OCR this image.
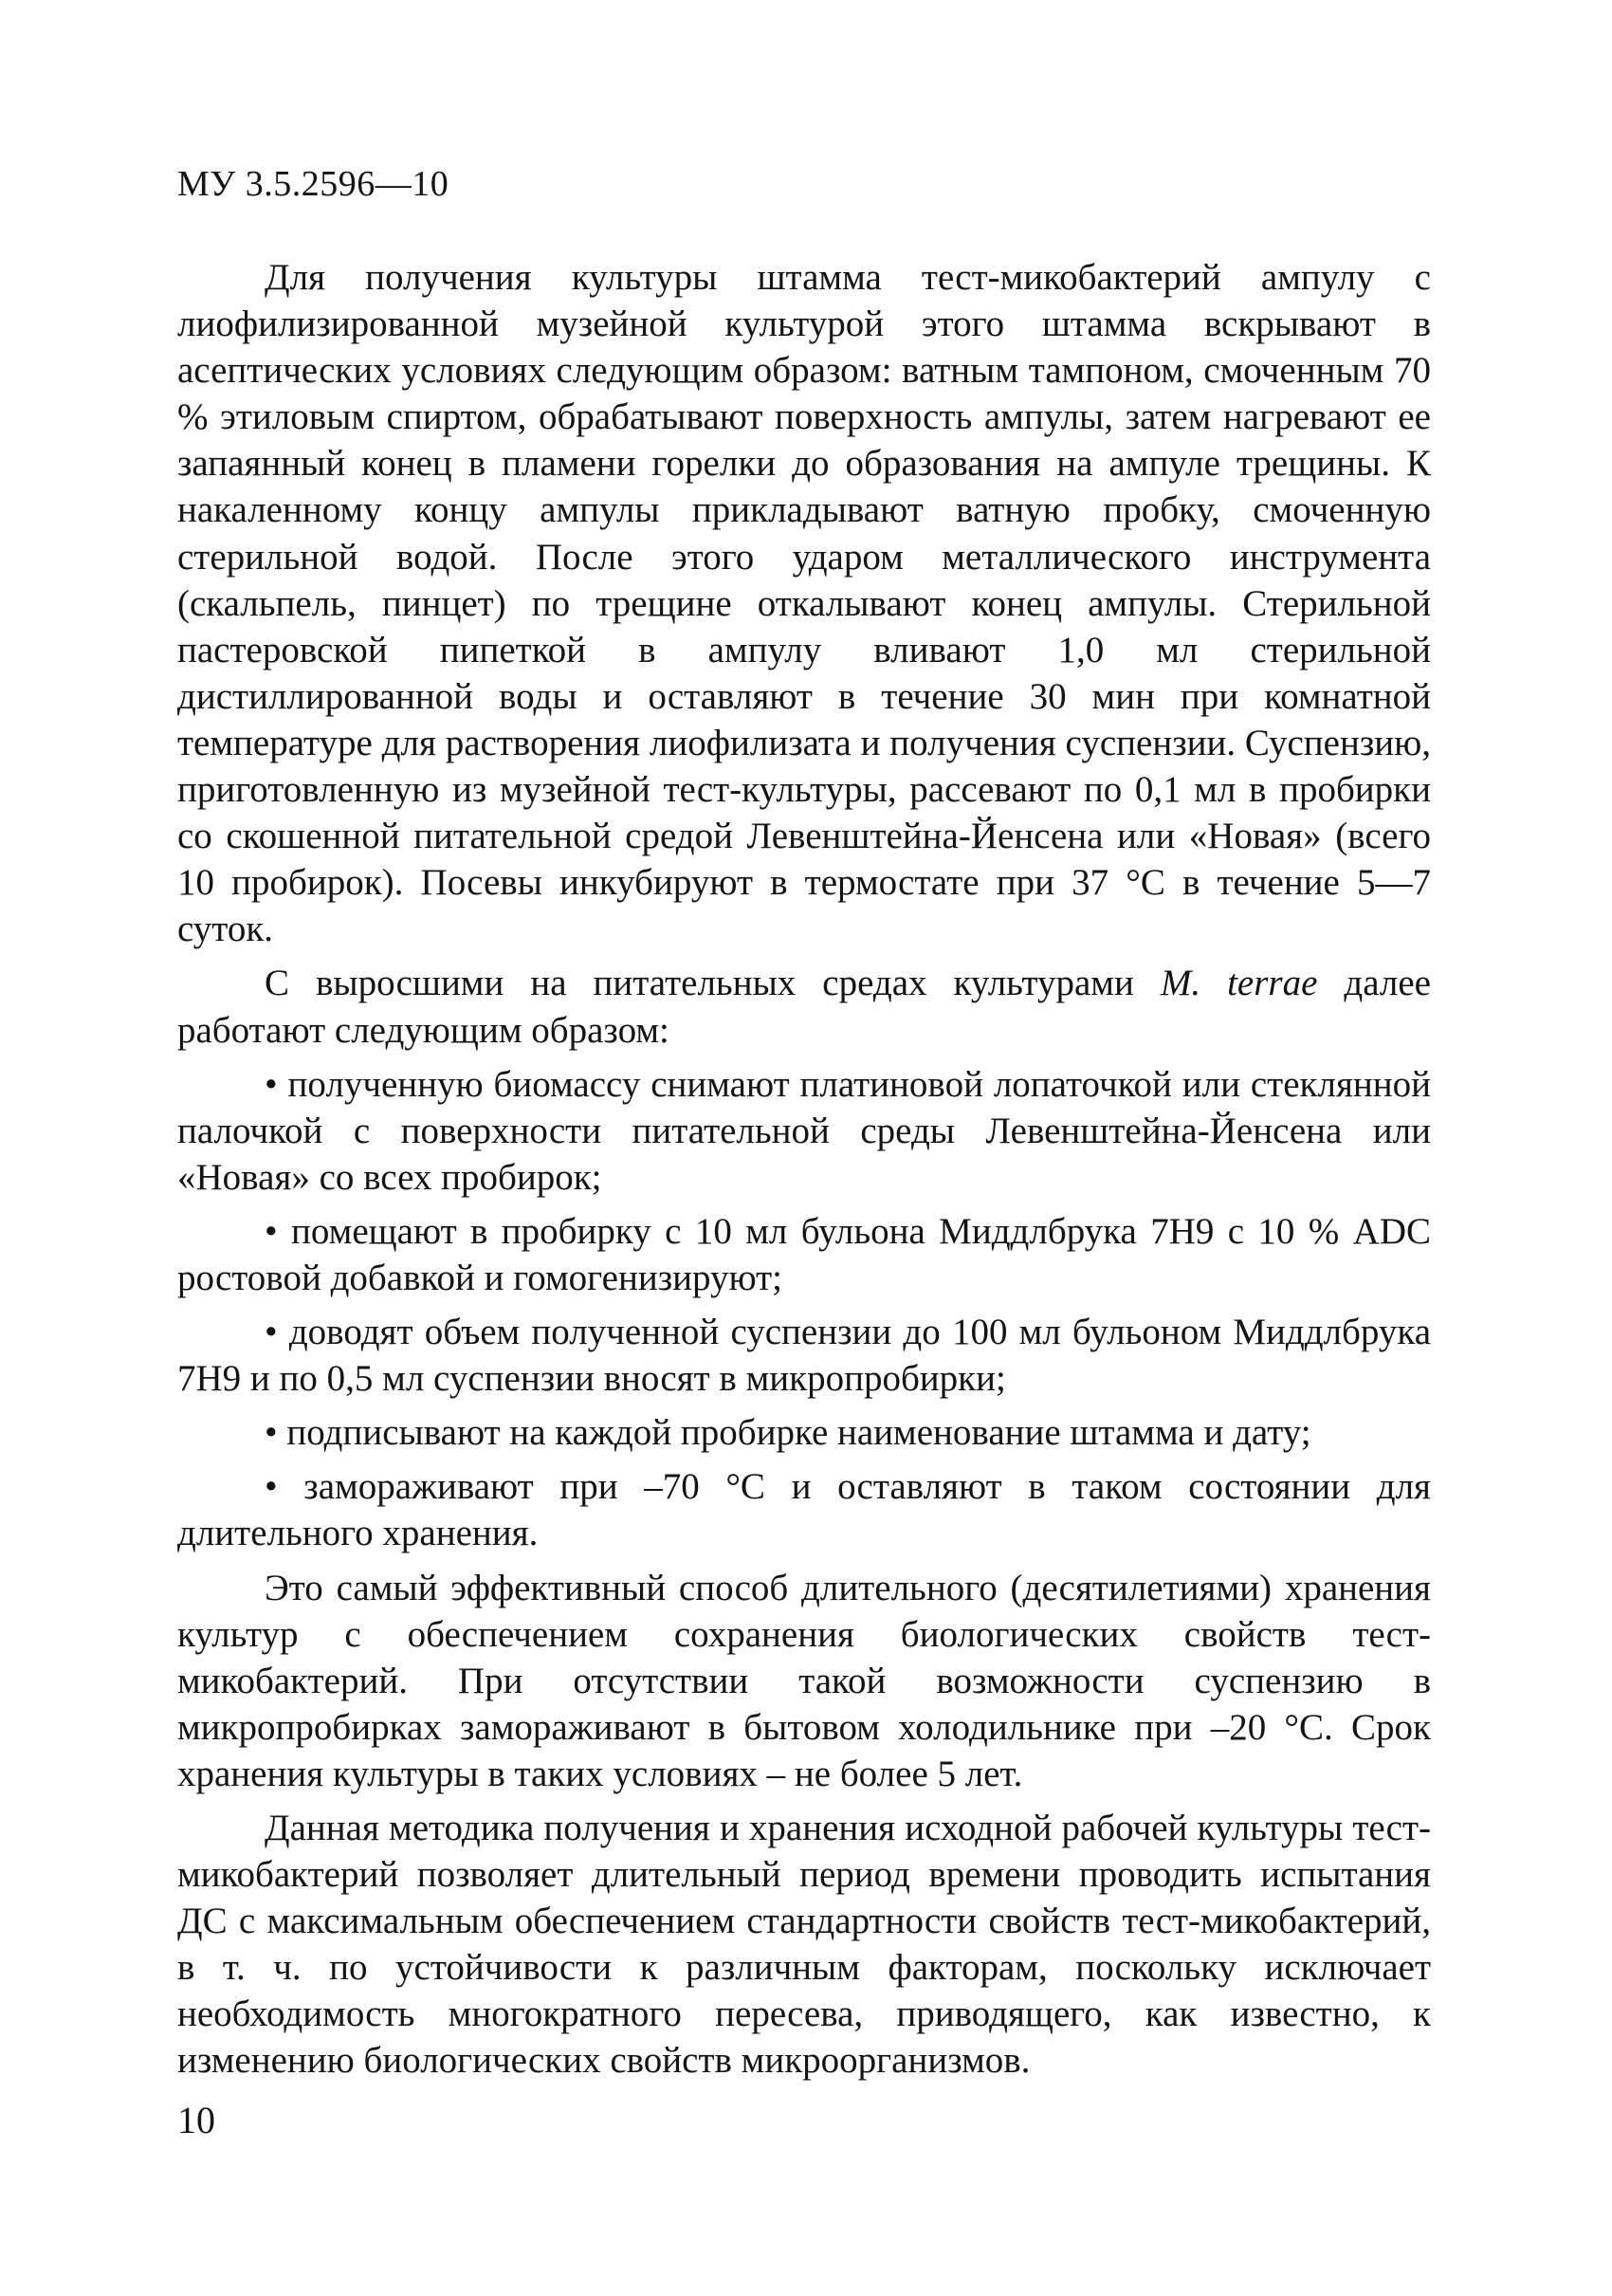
МУ 3.5.2596—10

Для получения культуры штамма тест-микобактерий ампулу с лиофилизированной музейной культурой этого штамма вскрывают в асептических условиях следующим образом: ватным тампоном, смоченным 70 % этиловым спиртом, обрабатывают поверхность ампулы, затем нагревают ее запаянный конец в пламени горелки до образования на ампуле трещины. К накаленному концу ампулы прикладывают ватную пробку, смоченную стерильной водой. После этого ударом металлического инструмента (скальпель, пинцет) по трещине откалывают конец ампулы. Стерильной пастеровской пипеткой в ампулу вливают 1,0 мл стерильной дистиллированной воды и оставляют в течение 30 мин при комнатной температуре для растворения лиофилизата и получения суспензии. Суспензию, приготовленную из музейной тест-культуры, рассевают по 0,1 мл в пробирки со скошенной питательной средой Левенштейна-Йенсена или «Новая» (всего 10 пробирок). Посевы инкубируют в термостате при 37 °С в течение 5—7 суток.

С выросшими на питательных средах культурами M. terrae далее работают следующим образом:

• полученную биомассу снимают платиновой лопаточкой или стеклянной палочкой с поверхности питательной среды Левенштейна-Йенсена или «Новая» со всех пробирок;

• помещают в пробирку с 10 мл бульона Миддлбрука 7Н9 с 10 % ADC ростовой добавкой и гомогенизируют;

• доводят объем полученной суспензии до 100 мл бульоном Миддлбрука 7Н9 и по 0,5 мл суспензии вносят в микропробирки;

• подписывают на каждой пробирке наименование штамма и дату;

• замораживают при –70 °С и оставляют в таком состоянии для длительного хранения.

Это самый эффективный способ длительного (десятилетиями) хранения культур с обеспечением сохранения биологических свойств тест-микобактерий. При отсутствии такой возможности суспензию в микропробирках замораживают в бытовом холодильнике при –20 °С. Срок хранения культуры в таких условиях – не более 5 лет.

Данная методика получения и хранения исходной рабочей культуры тест-микобактерий позволяет длительный период времени проводить испытания ДС с максимальным обеспечением стандартности свойств тест-микобактерий, в т. ч. по устойчивости к различным факторам, поскольку исключает необходимость многократного пересева, приводящего, как известно, к изменению биологических свойств микроорганизмов.

10
